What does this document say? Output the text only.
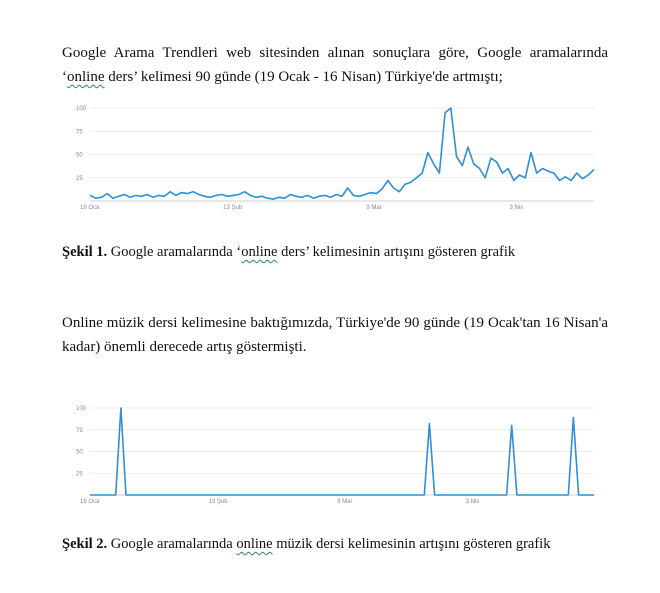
Google Arama Trendleri web sitesinden alınan sonuçlara göre, Google aramalarında ‘online ders’ kelimesi 90 günde (19 Ocak - 16 Nisan) Türkiye'de artmıştı;

100
75
50
25
19 Oca	13 Şub	9 Mar	3 Nis
Şekil 1. Google aramalarında ‘online ders’ kelimesinin artışını gösteren grafik

Online müzik dersi kelimesine baktığımızda, Türkiye'de 90 günde (19 Ocak'tan 16 Nisan'a kadar) önemli derecede artış göstermişti.

100
75
50
25
19 Oca	13 Şub	9 Mar	3 Nis
Şekil 2. Google aramalarında online müzik dersi kelimesinin artışını gösteren grafik
